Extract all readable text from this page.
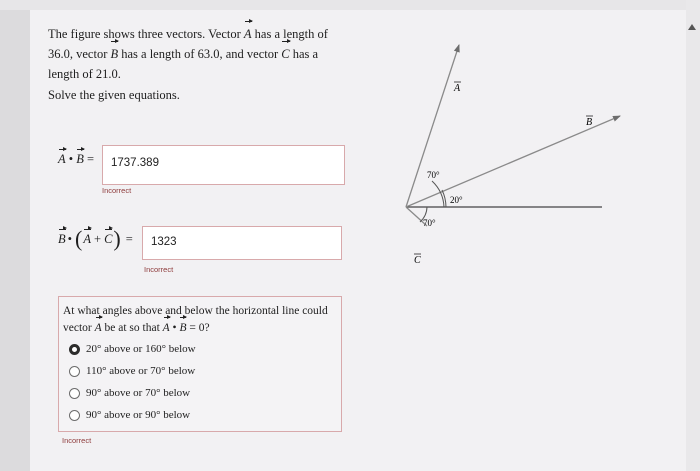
The figure shows three vectors. Vector A has a length of

36.0, vector B has a length of 63.0, and vector C has a

length of 21.0.

Solve the given equations.
A • B =	1737.389
Incorrect
B • ( A + C ) =	1323
Incorrect
At what angles above and below the horizontal line could
vector A be at so that A • B = 0?
20° above or 160° below
110° above or 70° below
90° above or 70° below
90° above or 90° below
Incorrect
A
B
C
70°
20°
70°
